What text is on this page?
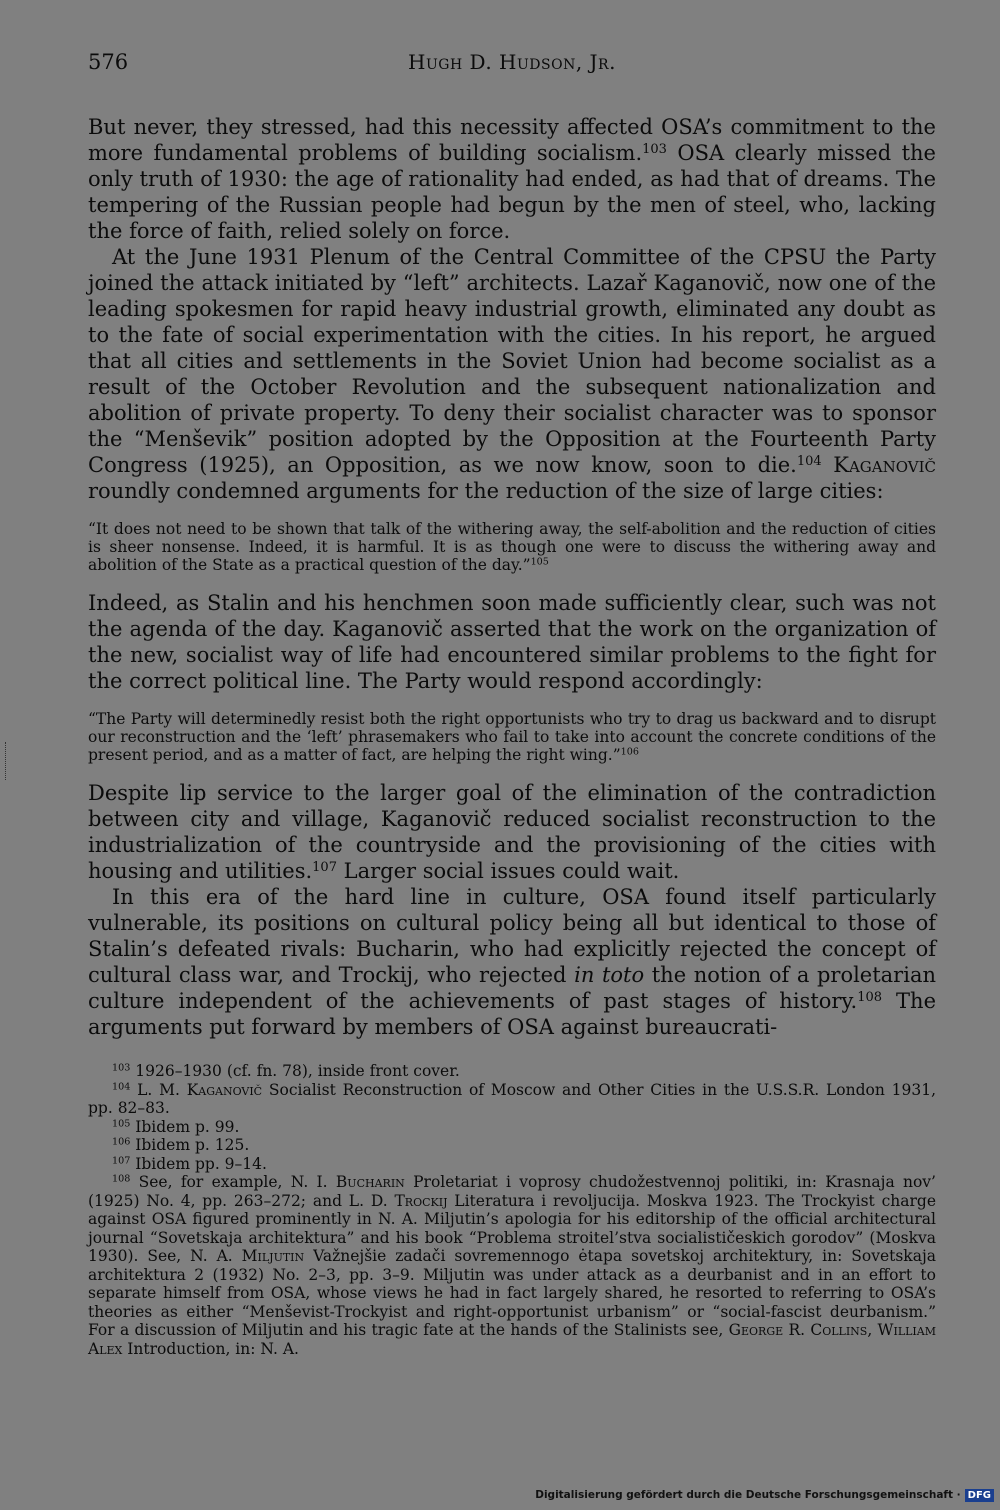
576	Hugh D. Hudson, Jr.

But never, they stressed, had this necessity affected OSA’s commitment to the more fundamental problems of building socialism.$^{103}$ OSA clearly missed the only truth of 1930: the age of rationality had ended, as had that of dreams. The tempering of the Russian people had begun by the men of steel, who, lacking the force of faith, relied solely on force.

At the June 1931 Plenum of the Central Committee of the CPSU the Party joined the attack initiated by “left” architects. Lazař Kaganovič, now one of the leading spokesmen for rapid heavy industrial growth, eliminated any doubt as to the fate of social experimentation with the cities. In his report, he argued that all cities and settlements in the Soviet Union had become socialist as a result of the October Revolution and the subsequent nationalization and abolition of private property. To deny their socialist character was to sponsor the “Menševik” position adopted by the Opposition at the Fourteenth Party Congress (1925), an Opposition, as we now know, soon to die.$^{104}$ Kaganovič roundly condemned arguments for the reduction of the size of large cities:

“It does not need to be shown that talk of the withering away, the self-abolition and the reduction of cities is sheer nonsense. Indeed, it is harmful. It is as though one were to discuss the withering away and abolition of the State as a practical question of the day.”$^{105}$

Indeed, as Stalin and his henchmen soon made sufficiently clear, such was not the agenda of the day. Kaganovič asserted that the work on the organization of the new, socialist way of life had encountered similar problems to the fight for the correct political line. The Party would respond accordingly:

“The Party will determinedly resist both the right opportunists who try to drag us backward and to disrupt our reconstruction and the ‘left’ phrasemakers who fail to take into account the concrete conditions of the present period, and as a matter of fact, are helping the right wing.”$^{106}$

Despite lip service to the larger goal of the elimination of the contradiction between city and village, Kaganovič reduced socialist reconstruction to the industrialization of the countryside and the provisioning of the cities with housing and utilities.$^{107}$ Larger social issues could wait.

In this era of the hard line in culture, OSA found itself particularly vulnerable, its positions on cultural policy being all but identical to those of Stalin’s defeated rivals: Bucharin, who had explicitly rejected the concept of cultural class war, and Trockij, who rejected in toto the notion of a proletarian culture independent of the achievements of past stages of history.$^{108}$ The arguments put forward by members of OSA against bureaucrati-

$^{103}$ 1926–1930 (cf. fn. 78), inside front cover.

$^{104}$ L. M. Kaganovič Socialist Reconstruction of Moscow and Other Cities in the U.S.S.R. London 1931, pp. 82–83.

$^{105}$ Ibidem p. 99.

$^{106}$ Ibidem p. 125.

$^{107}$ Ibidem pp. 9–14.

$^{108}$ See, for example, N. I. Bucharin Proletariat i voprosy chudožestvennoj politiki, in: Krasnaja nov’ (1925) No. 4, pp. 263–272; and L. D. Trockij Literatura i revoljucija. Moskva 1923. The Trockyist charge against OSA figured prominently in N. A. Miljutin’s apologia for his editorship of the official architectural journal “Sovetskaja architektura” and his book “Problema stroitel’stva socialističeskich gorodov” (Moskva 1930). See, N. A. Miljutin Važnejšie zadači sovremennogo ėtapa sovetskoj architektury, in: Sovetskaja architektura 2 (1932) No. 2–3, pp. 3–9. Miljutin was under attack as a deurbanist and in an effort to separate himself from OSA, whose views he had in fact largely shared, he resorted to referring to OSA’s theories as either “Menševist-Trockyist and right-opportunist urbanism” or “social-fascist deurbanism.” For a discussion of Miljutin and his tragic fate at the hands of the Stalinists see, George R. Collins, William Alex Introduction, in: N. A.

Digitalisierung gefördert durch die Deutsche Forschungsgemeinschaft · DFG
